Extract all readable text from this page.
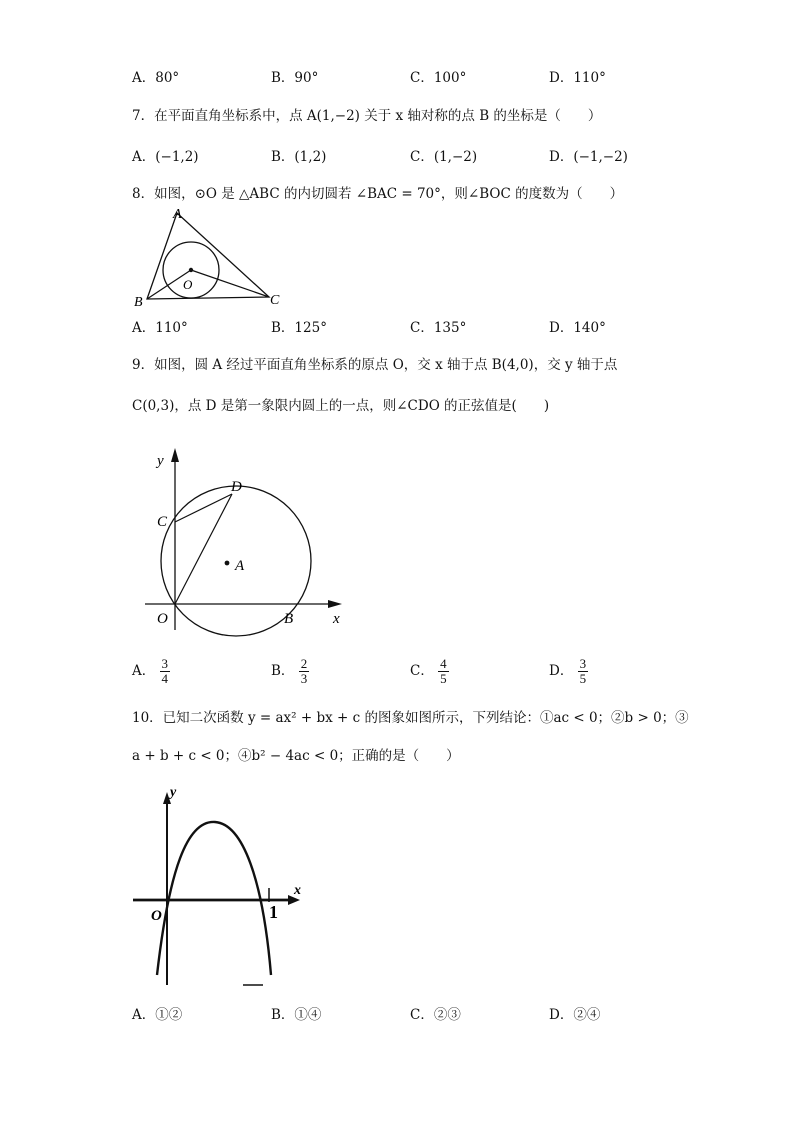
A．80°	B．90°	C．100°	D．110°
7．在平面直角坐标系中，点 A(1,−2) 关于 x 轴对称的点 B 的坐标是（　　）
A．(−1,2)	B．(1,2)	C．(1,−2)	D．(−1,−2)
8．如图，⊙O 是 △ABC 的内切圆若 ∠BAC = 70°，则∠BOC 的度数为（　　）
A
B	C
O
A．110°	B．125°	C．135°	D．140°
9．如图，圆 A 经过平面直角坐标系的原点 O，交 x 轴于点 B(4,0)，交 y 轴于点
C(0,3)，点 D 是第一象限内圆上的一点，则∠CDO 的正弦值是(　　)
y
x
D
C
A
O	B
A． $\frac{3}{4}$	B． $\frac{2}{3}$	C． $\frac{4}{5}$	D． $\frac{3}{5}$
10．已知二次函数 y = ax² + bx + c 的图象如图所示，下列结论：①ac < 0；②b > 0；③
a + b + c < 0；④b² − 4ac < 0；正确的是（　　）
y
x
O	1
A．①②	B．①④	C．②③	D．②④
